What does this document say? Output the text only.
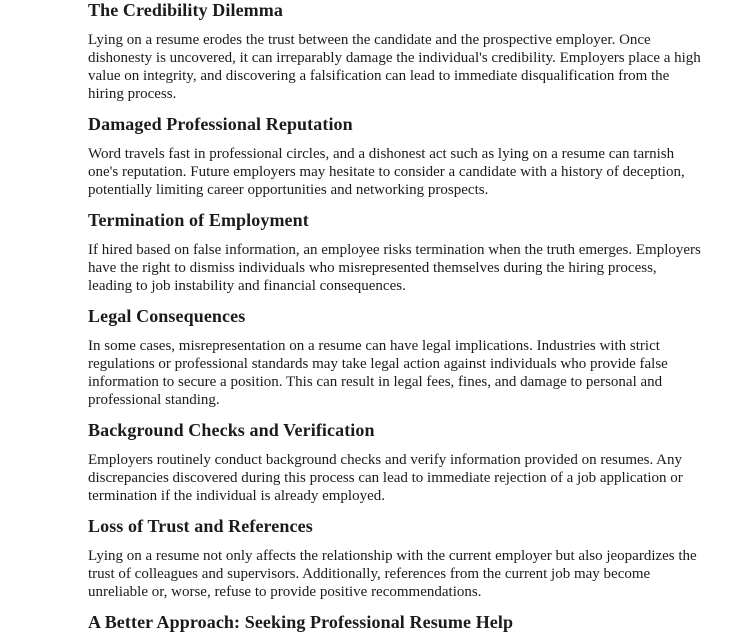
The Credibility Dilemma

Lying on a resume erodes the trust between the candidate and the prospective employer. Once dishonesty is uncovered, it can irreparably damage the individual's credibility. Employers place a high value on integrity, and discovering a falsification can lead to immediate disqualification from the hiring process.

Damaged Professional Reputation

Word travels fast in professional circles, and a dishonest act such as lying on a resume can tarnish one's reputation. Future employers may hesitate to consider a candidate with a history of deception, potentially limiting career opportunities and networking prospects.

Termination of Employment

If hired based on false information, an employee risks termination when the truth emerges. Employers have the right to dismiss individuals who misrepresented themselves during the hiring process, leading to job instability and financial consequences.

Legal Consequences

In some cases, misrepresentation on a resume can have legal implications. Industries with strict regulations or professional standards may take legal action against individuals who provide false information to secure a position. This can result in legal fees, fines, and damage to personal and professional standing.

Background Checks and Verification

Employers routinely conduct background checks and verify information provided on resumes. Any discrepancies discovered during this process can lead to immediate rejection of a job application or termination if the individual is already employed.

Loss of Trust and References

Lying on a resume not only affects the relationship with the current employer but also jeopardizes the trust of colleagues and supervisors. Additionally, references from the current job may become unreliable or, worse, refuse to provide positive recommendations.

A Better Approach: Seeking Professional Resume Help
